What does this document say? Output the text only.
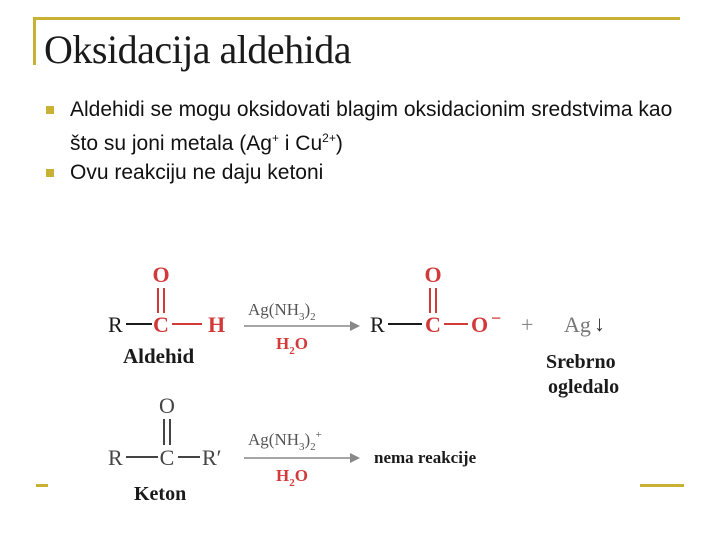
Oksidacija aldehida
Aldehidi se mogu oksidovati blagim oksidacionim sredstvima kao što su joni metala (Ag+ i $Cu^{2+}$)
Ovu reakciju ne daju ketoni
O
R C H
Aldehid
$Ag(NH_3)_2$
$H_2O$
O
R C O − + Ag ↓
Srebrno
ogledalo
O
R C R′
Keton
$Ag(NH_3)_2^+$
$H_2O$
nema reakcije
